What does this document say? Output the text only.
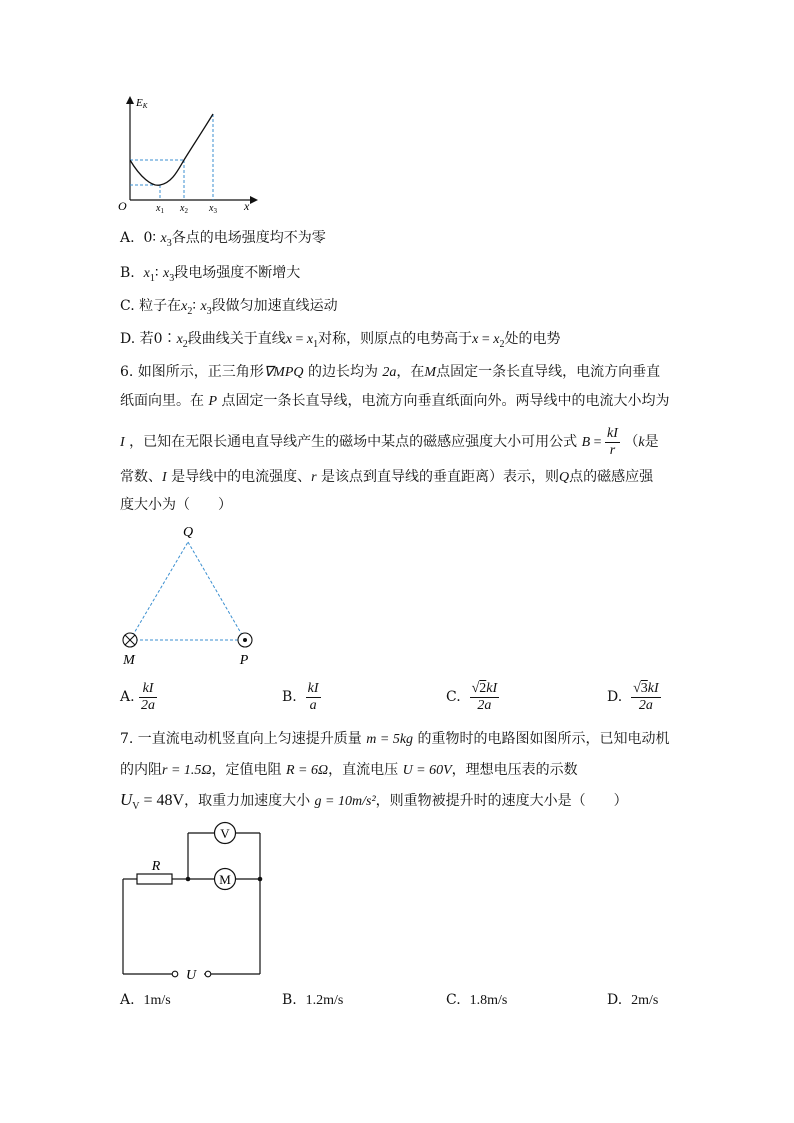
EK
O	x
$x_1$ $x_2$ $x_3$
A. 0∶ $x_3$各点的电场强度均不为零
B. $x_1∶$ $x_3$段电场强度不断增大
C. 粒子在$x_2∶$ $x_3$段做匀加速直线运动
D. 若$0∶x_2$段曲线关于直线$x = x_1$对称，则原点的电势高于$x = x_2$处的电势
6. 如图所示，正三角形∇MPQ 的边长均为 2a，在M点固定一条长直导线，电流方向垂直
纸面向里。在 P 点固定一条长直导线，电流方向垂直纸面向外。两导线中的电流大小均为
I ，已知在无限长通电直导线产生的磁场中某点的磁感应强度大小可用公式 $B = \frac{kI}{r} (k$是
常数、I 是导线中的电流强度、r 是该点到直导线的垂直距离）表示，则Q点的磁感应强
度大小为（　　）
Q
M	P
A. $\frac{kI}{2a}$	B. $\frac{kI}{a}$	C. $\frac{√2kI}{2a}$	D. $\frac{√3kI}{2a}$
7. 一直流电动机竖直向上匀速提升质量 m = 5kg 的重物时的电路图如图所示，已知电动机
的内阻r = 1.5Ω，定值电阻 R = 6Ω，直流电压 U = 60V，理想电压表的示数
$U_V = 48V$，取重力加速度大小 g = 10m/s²，则重物被提升时的速度大小是（　　）
R
V
M
U
A. 1m/s	B. 1.2m/s	C. 1.8m/s	D. 2m/s
